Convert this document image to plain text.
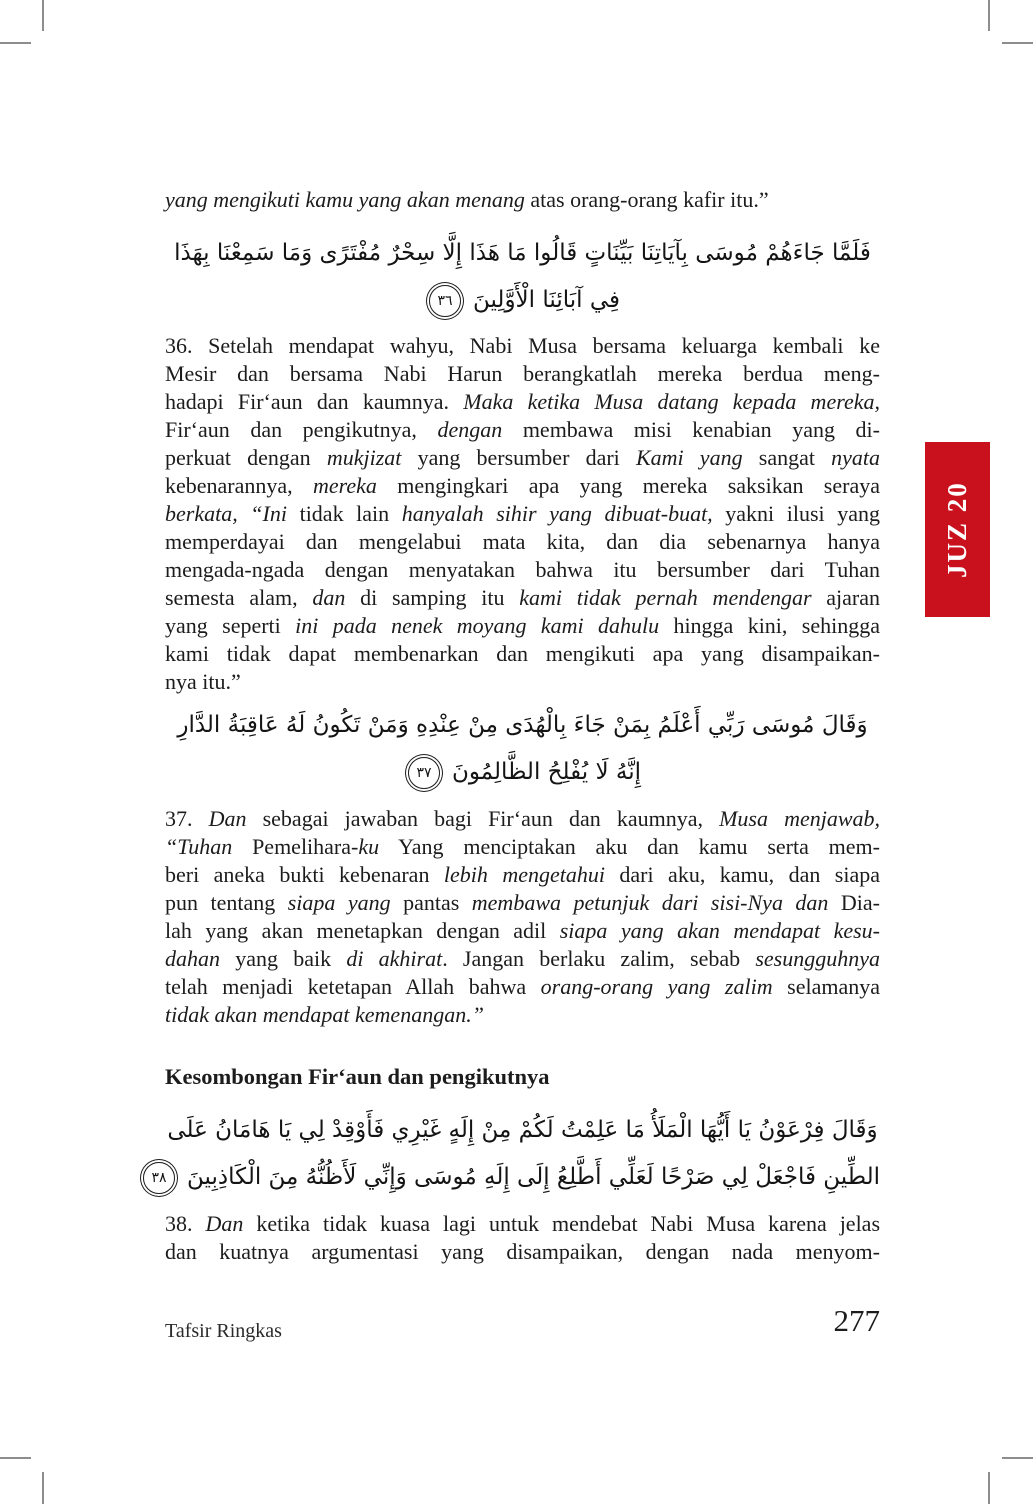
yang mengikuti kamu yang akan menang atas orang-orang kafir itu.”
فَلَمَّا جَاءَهُمْ مُوسَى بِآيَاتِنَا بَيِّنَاتٍ قَالُوا مَا هَذَا إِلَّا سِحْرٌ مُفْتَرًى وَمَا سَمِعْنَا بِهَذَا
فِي آبَائِنَا الْأَوَّلِينَ٣٦
36. Setelah mendapat wahyu, Nabi Musa bersama keluarga kembali ke
Mesir dan bersama Nabi Harun berangkatlah mereka berdua meng-
hadapi Fir‘aun dan kaumnya. Maka ketika Musa datang kepada mereka,
Fir‘aun dan pengikutnya, dengan membawa misi kenabian yang di-
perkuat dengan mukjizat yang bersumber dari Kami yang sangat nyata
kebenarannya, mereka mengingkari apa yang mereka saksikan seraya
berkata, “Ini tidak lain hanyalah sihir yang dibuat-buat, yakni ilusi yang
memperdayai dan mengelabui mata kita, dan dia sebenarnya hanya
mengada-ngada dengan menyatakan bahwa itu bersumber dari Tuhan
semesta alam, dan di samping itu kami tidak pernah mendengar ajaran
yang seperti ini pada nenek moyang kami dahulu hingga kini, sehingga
kami tidak dapat membenarkan dan mengikuti apa yang disampaikan-
nya itu.”
وَقَالَ مُوسَى رَبِّي أَعْلَمُ بِمَنْ جَاءَ بِالْهُدَى مِنْ عِنْدِهِ وَمَنْ تَكُونُ لَهُ عَاقِبَةُ الدَّارِ
إِنَّهُ لَا يُفْلِحُ الظَّالِمُونَ٣٧
37. Dan sebagai jawaban bagi Fir‘aun dan kaumnya, Musa menjawab,
“Tuhan Pemelihara-ku Yang menciptakan aku dan kamu serta mem-
beri aneka bukti kebenaran lebih mengetahui dari aku, kamu, dan siapa
pun tentang siapa yang pantas membawa petunjuk dari sisi-Nya dan Dia-
lah yang akan menetapkan dengan adil siapa yang akan mendapat kesu-
dahan yang baik di akhirat. Jangan berlaku zalim, sebab sesungguhnya
telah menjadi ketetapan Allah bahwa orang-orang yang zalim selamanya
tidak akan mendapat kemenangan.”
Kesombongan Fir‘aun dan pengikutnya
وَقَالَ فِرْعَوْنُ يَا أَيُّهَا الْمَلَأُ مَا عَلِمْتُ لَكُمْ مِنْ إِلَهٍ غَيْرِي فَأَوْقِدْ لِي يَا هَامَانُ عَلَى
الطِّينِ فَاجْعَلْ لِي صَرْحًا لَعَلِّي أَطَّلِعُ إِلَى إِلَهِ مُوسَى وَإِنِّي لَأَظُنُّهُ مِنَ الْكَاذِبِينَ٣٨
38. Dan ketika tidak kuasa lagi untuk mendebat Nabi Musa karena jelas
dan kuatnya argumentasi yang disampaikan, dengan nada menyom-
JUZ 20
Tafsir Ringkas	277
